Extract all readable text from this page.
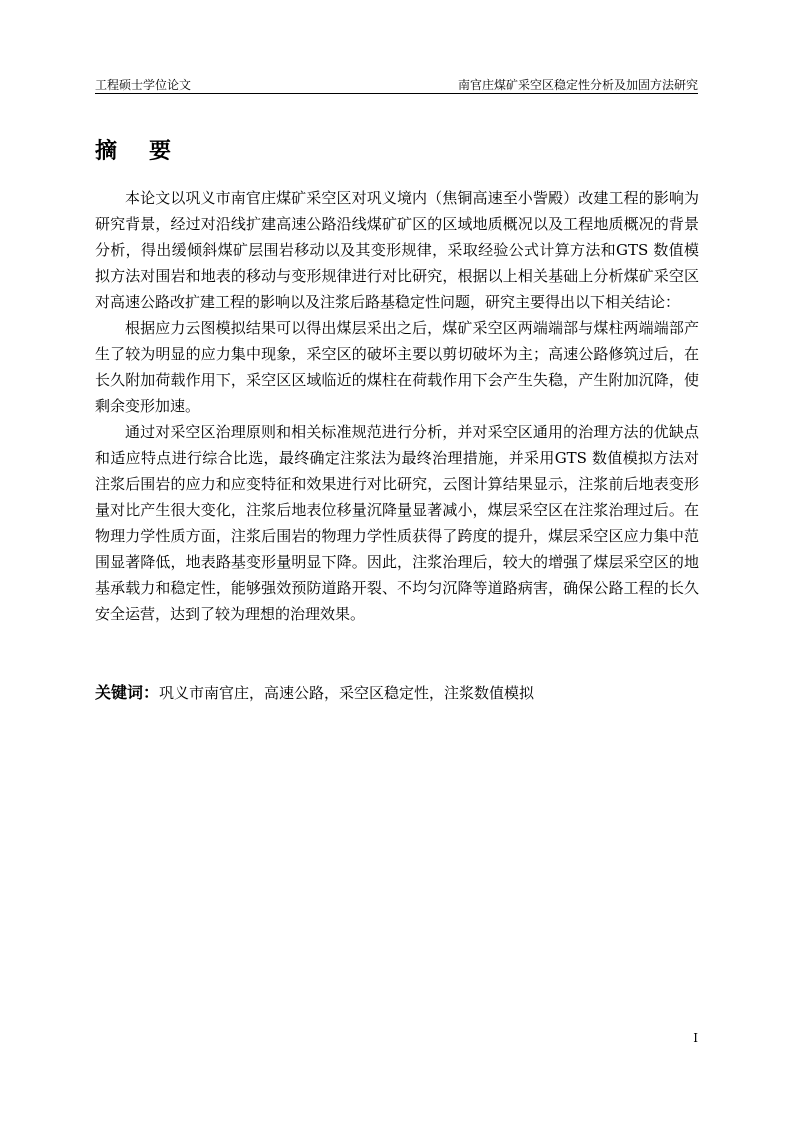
工程硕士学位论文	南官庄煤矿采空区稳定性分析及加固方法研究
摘要

本论文以巩义市南官庄煤矿采空区对巩义境内（焦铜高速至小訾殿）改建工程的影响为研究背景，经过对沿线扩建高速公路沿线煤矿矿区的区域地质概况以及工程地质概况的背景分析，得出缓倾斜煤矿层围岩移动以及其变形规律，采取经验公式计算方法和GTS 数值模拟方法对围岩和地表的移动与变形规律进行对比研究，根据以上相关基础上分析煤矿采空区对高速公路改扩建工程的影响以及注浆后路基稳定性问题，研究主要得出以下相关结论：

根据应力云图模拟结果可以得出煤层采出之后，煤矿采空区两端端部与煤柱两端端部产生了较为明显的应力集中现象，采空区的破坏主要以剪切破坏为主；高速公路修筑过后，在长久附加荷载作用下，采空区区域临近的煤柱在荷载作用下会产生失稳，产生附加沉降，使剩余变形加速。

通过对采空区治理原则和相关标准规范进行分析，并对采空区通用的治理方法的优缺点和适应特点进行综合比选，最终确定注浆法为最终治理措施，并采用GTS 数值模拟方法对注浆后围岩的应力和应变特征和效果进行对比研究，云图计算结果显示，注浆前后地表变形量对比产生很大变化，注浆后地表位移量沉降量显著减小，煤层采空区在注浆治理过后。在物理力学性质方面，注浆后围岩的物理力学性质获得了跨度的提升，煤层采空区应力集中范围显著降低，地表路基变形量明显下降。因此，注浆治理后，较大的增强了煤层采空区的地基承载力和稳定性，能够强效预防道路开裂、不均匀沉降等道路病害，确保公路工程的长久安全运营，达到了较为理想的治理效果。

关键词：巩义市南官庄，高速公路，采空区稳定性，注浆数值模拟
I
